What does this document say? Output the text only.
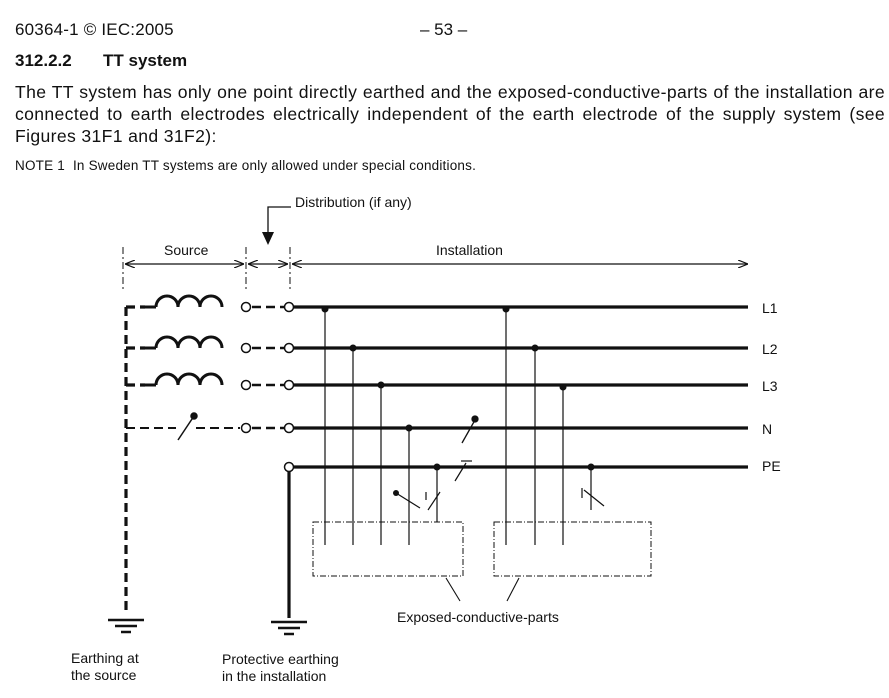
60364-1 © IEC:2005	– 53 –
312.2.2 TT system
The TT system has only one point directly earthed and the exposed-conductive-parts of the installation are connected to earth electrodes electrically independent of the earth electrode of the supply system (see Figures 31F1 and 31F2):
NOTE 1 In Sweden TT systems are only allowed under special conditions.
Distribution (if any)
Source	Installation
L1
L2
L3
N
PE
Exposed-conductive-parts
Earthing at
the source
Protective earthing
in the installation
